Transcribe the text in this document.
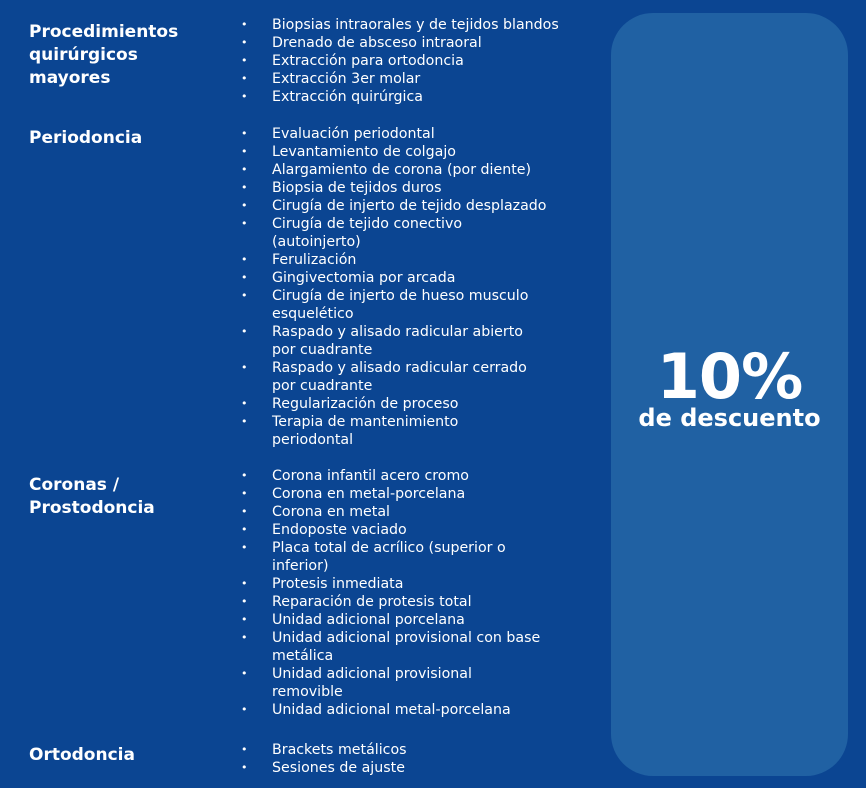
Procedimientos
quirúrgicos
mayores
• Biopsias intraorales y de tejidos blandos
• Drenado de absceso intraoral
• Extracción para ortodoncia
• Extracción 3er molar
• Extracción quirúrgica
Periodoncia	• Evaluación periodontal
• Levantamiento de colgajo
• Alargamiento de corona (por diente)
• Biopsia de tejidos duros
• Cirugía de injerto de tejido desplazado
• Cirugía de tejido conectivo
(autoinjerto)
• Ferulización
• Gingivectomia por arcada
• Cirugía de injerto de hueso musculo
esquelético
• Raspado y alisado radicular abierto
por cuadrante
• Raspado y alisado radicular cerrado
por cuadrante
• Regularización de proceso
• Terapia de mantenimiento
periodontal
Coronas /
Prostodoncia
• Corona infantil acero cromo
• Corona en metal-porcelana
• Corona en metal
• Endoposte vaciado
• Placa total de acrílico (superior o
inferior)
• Protesis inmediata
• Reparación de protesis total
• Unidad adicional porcelana
• Unidad adicional provisional con base
metálica
• Unidad adicional provisional
removible
• Unidad adicional metal-porcelana
Ortodoncia	• Brackets metálicos
• Sesiones de ajuste
10%
de descuento
